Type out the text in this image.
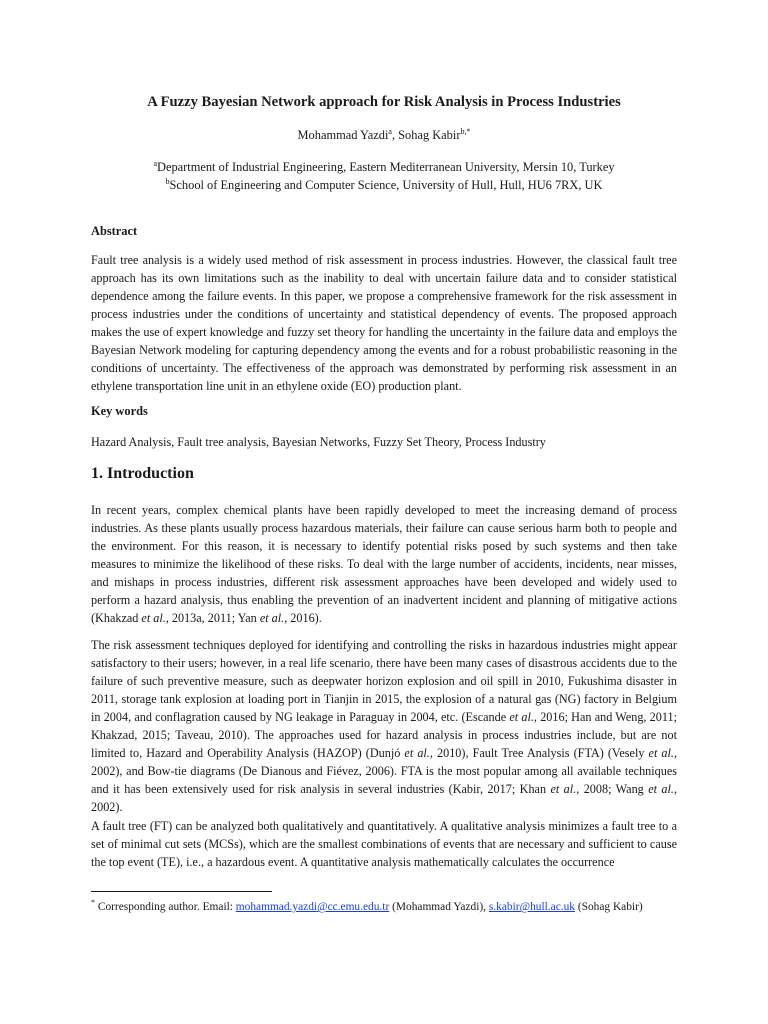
A Fuzzy Bayesian Network approach for Risk Analysis in Process Industries
Mohammad Yazdi$^a$, Sohag Kabir$^{b,*}$
$^a$Department of Industrial Engineering, Eastern Mediterranean University, Mersin 10, Turkey
$^b$School of Engineering and Computer Science, University of Hull, Hull, HU6 7RX, UK
Abstract

Fault tree analysis is a widely used method of risk assessment in process industries. However, the classical fault tree approach has its own limitations such as the inability to deal with uncertain failure data and to consider statistical dependence among the failure events. In this paper, we propose a comprehensive framework for the risk assessment in process industries under the conditions of uncertainty and statistical dependency of events. The proposed approach makes the use of expert knowledge and fuzzy set theory for handling the uncertainty in the failure data and employs the Bayesian Network modeling for capturing dependency among the events and for a robust probabilistic reasoning in the conditions of uncertainty. The effectiveness of the approach was demonstrated by performing risk assessment in an ethylene transportation line unit in an ethylene oxide (EO) production plant.

Key words

Hazard Analysis, Fault tree analysis, Bayesian Networks, Fuzzy Set Theory, Process Industry

1. Introduction

In recent years, complex chemical plants have been rapidly developed to meet the increasing demand of process industries. As these plants usually process hazardous materials, their failure can cause serious harm both to people and the environment. For this reason, it is necessary to identify potential risks posed by such systems and then take measures to minimize the likelihood of these risks. To deal with the large number of accidents, incidents, near misses, and mishaps in process industries, different risk assessment approaches have been developed and widely used to perform a hazard analysis, thus enabling the prevention of an inadvertent incident and planning of mitigative actions (Khakzad et al., 2013a, 2011; Yan et al., 2016).

The risk assessment techniques deployed for identifying and controlling the risks in hazardous industries might appear satisfactory to their users; however, in a real life scenario, there have been many cases of disastrous accidents due to the failure of such preventive measure, such as deepwater horizon explosion and oil spill in 2010, Fukushima disaster in 2011, storage tank explosion at loading port in Tianjin in 2015, the explosion of a natural gas (NG) factory in Belgium in 2004, and conflagration caused by NG leakage in Paraguay in 2004, etc. (Escande et al., 2016; Han and Weng, 2011; Khakzad, 2015; Taveau, 2010). The approaches used for hazard analysis in process industries include, but are not limited to, Hazard and Operability Analysis (HAZOP) (Dunjó et al., 2010), Fault Tree Analysis (FTA) (Vesely et al., 2002), and Bow-tie diagrams (De Dianous and Fiévez, 2006). FTA is the most popular among all available techniques and it has been extensively used for risk analysis in several industries (Kabir, 2017; Khan et al., 2008; Wang et al., 2002).

A fault tree (FT) can be analyzed both qualitatively and quantitatively. A qualitative analysis minimizes a fault tree to a set of minimal cut sets (MCSs), which are the smallest combinations of events that are necessary and sufficient to cause the top event (TE), i.e., a hazardous event. A quantitative analysis mathematically calculates the occurrence

* Corresponding author. Email: mohammad.yazdi@cc.emu.edu.tr (Mohammad Yazdi), s.kabir@hull.ac.uk (Sohag Kabir)
